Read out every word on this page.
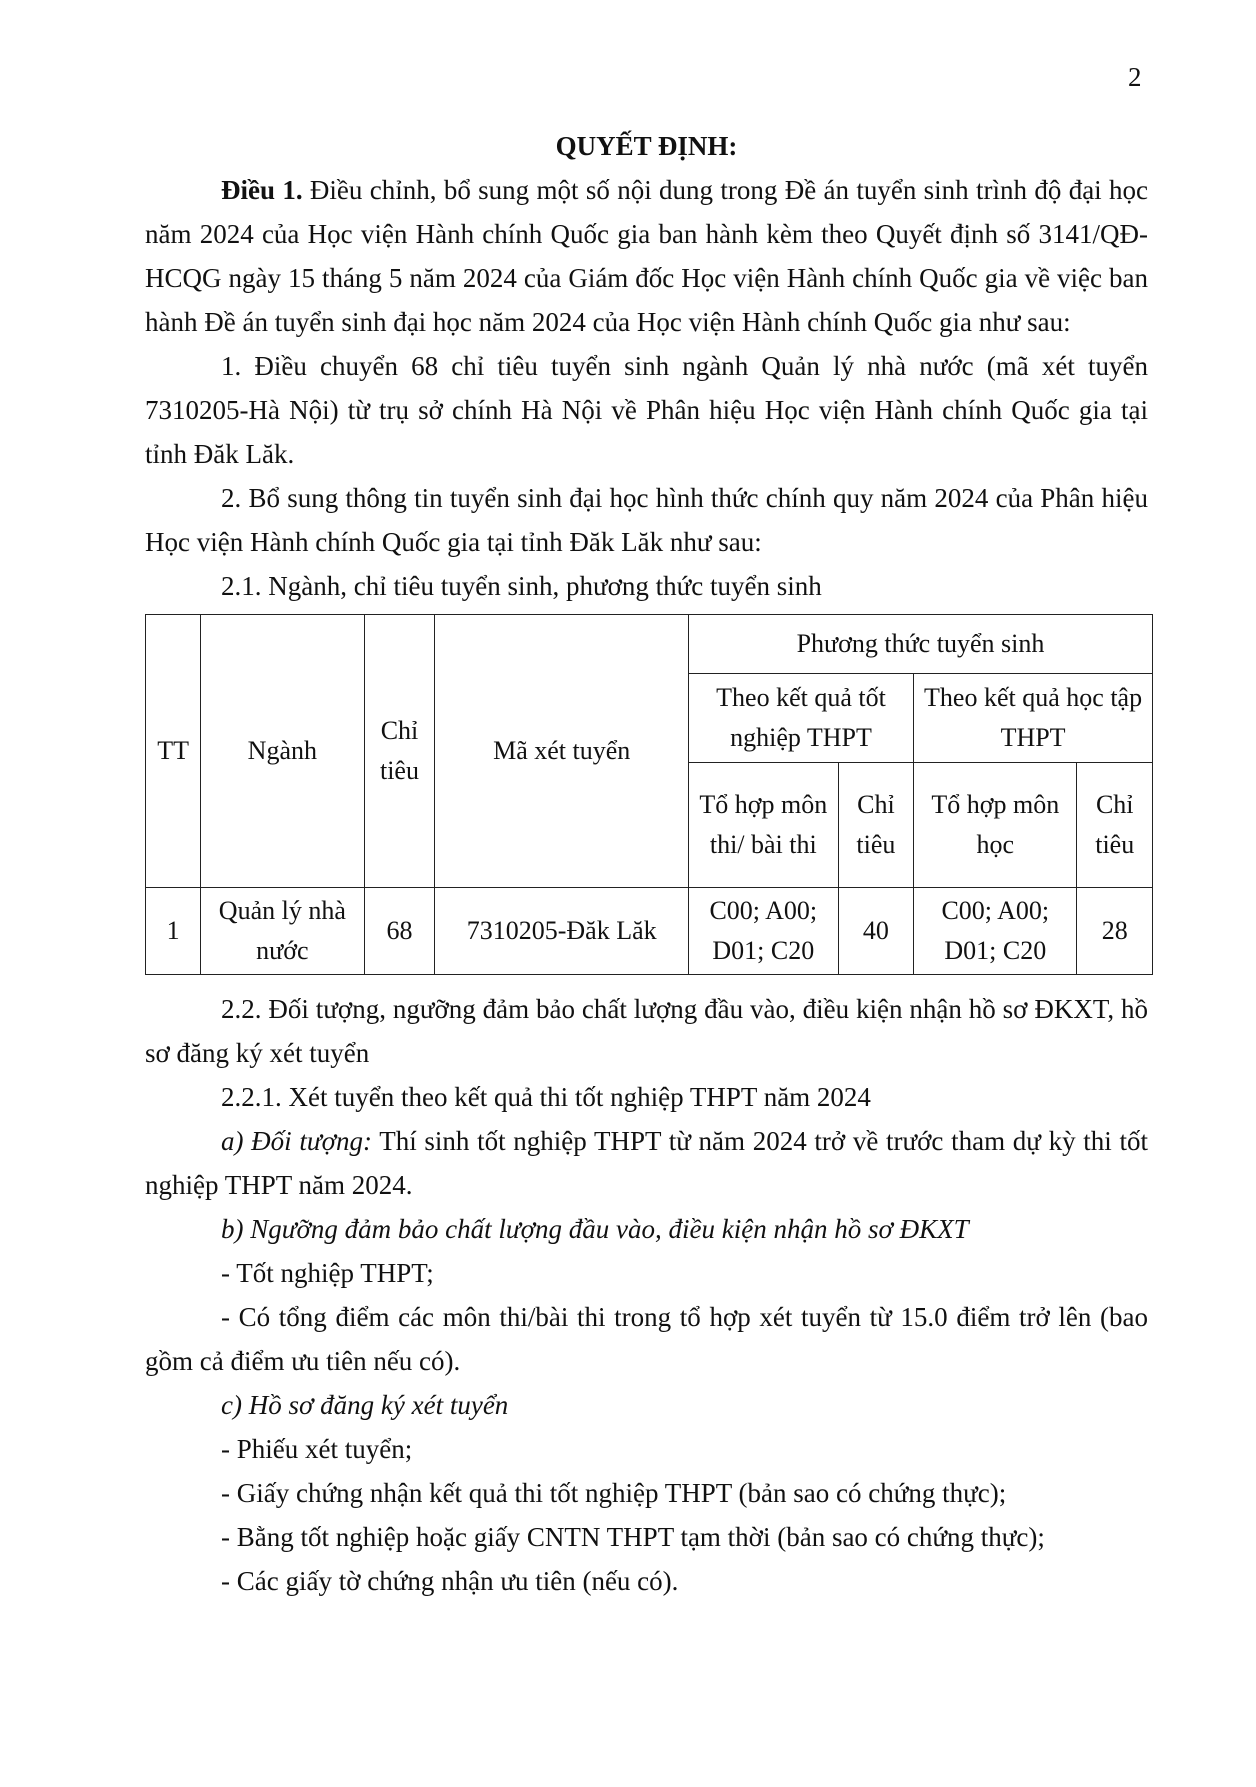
2
QUYẾT ĐỊNH:

Điều 1. Điều chỉnh, bổ sung một số nội dung trong Đề án tuyển sinh trình độ đại học năm 2024 của Học viện Hành chính Quốc gia ban hành kèm theo Quyết định số 3141/QĐ-HCQG ngày 15 tháng 5 năm 2024 của Giám đốc Học viện Hành chính Quốc gia về việc ban hành Đề án tuyển sinh đại học năm 2024 của Học viện Hành chính Quốc gia như sau:

1. Điều chuyển 68 chỉ tiêu tuyển sinh ngành Quản lý nhà nước (mã xét tuyển 7310205-Hà Nội) từ trụ sở chính Hà Nội về Phân hiệu Học viện Hành chính Quốc gia tại tỉnh Đăk Lăk.

2. Bổ sung thông tin tuyển sinh đại học hình thức chính quy năm 2024 của Phân hiệu Học viện Hành chính Quốc gia tại tỉnh Đăk Lăk như sau:

2.1. Ngành, chỉ tiêu tuyển sinh, phương thức tuyển sinh

TT	Ngành	Chỉ tiêu	Mã xét tuyển	Phương thức tuyển sinh			
				Theo kết quả tốt nghiệp THPT		Theo kết quả học tập THPT	
				Tổ hợp môn thi/ bài thi	Chỉ tiêu	Tổ hợp môn học	Chỉ tiêu
1	Quản lý nhà nước	68	7310205-Đăk Lăk	C00; A00; D01; C20	40	C00; A00; D01; C20	28

2.2. Đối tượng, ngưỡng đảm bảo chất lượng đầu vào, điều kiện nhận hồ sơ ĐKXT, hồ sơ đăng ký xét tuyển

2.2.1. Xét tuyển theo kết quả thi tốt nghiệp THPT năm 2024

a) Đối tượng: Thí sinh tốt nghiệp THPT từ năm 2024 trở về trước tham dự kỳ thi tốt nghiệp THPT năm 2024.

b) Ngưỡng đảm bảo chất lượng đầu vào, điều kiện nhận hồ sơ ĐKXT

- Tốt nghiệp THPT;

- Có tổng điểm các môn thi/bài thi trong tổ hợp xét tuyển từ 15.0 điểm trở lên (bao gồm cả điểm ưu tiên nếu có).

c) Hồ sơ đăng ký xét tuyển

- Phiếu xét tuyển;

- Giấy chứng nhận kết quả thi tốt nghiệp THPT (bản sao có chứng thực);

- Bằng tốt nghiệp hoặc giấy CNTN THPT tạm thời (bản sao có chứng thực);

- Các giấy tờ chứng nhận ưu tiên (nếu có).
